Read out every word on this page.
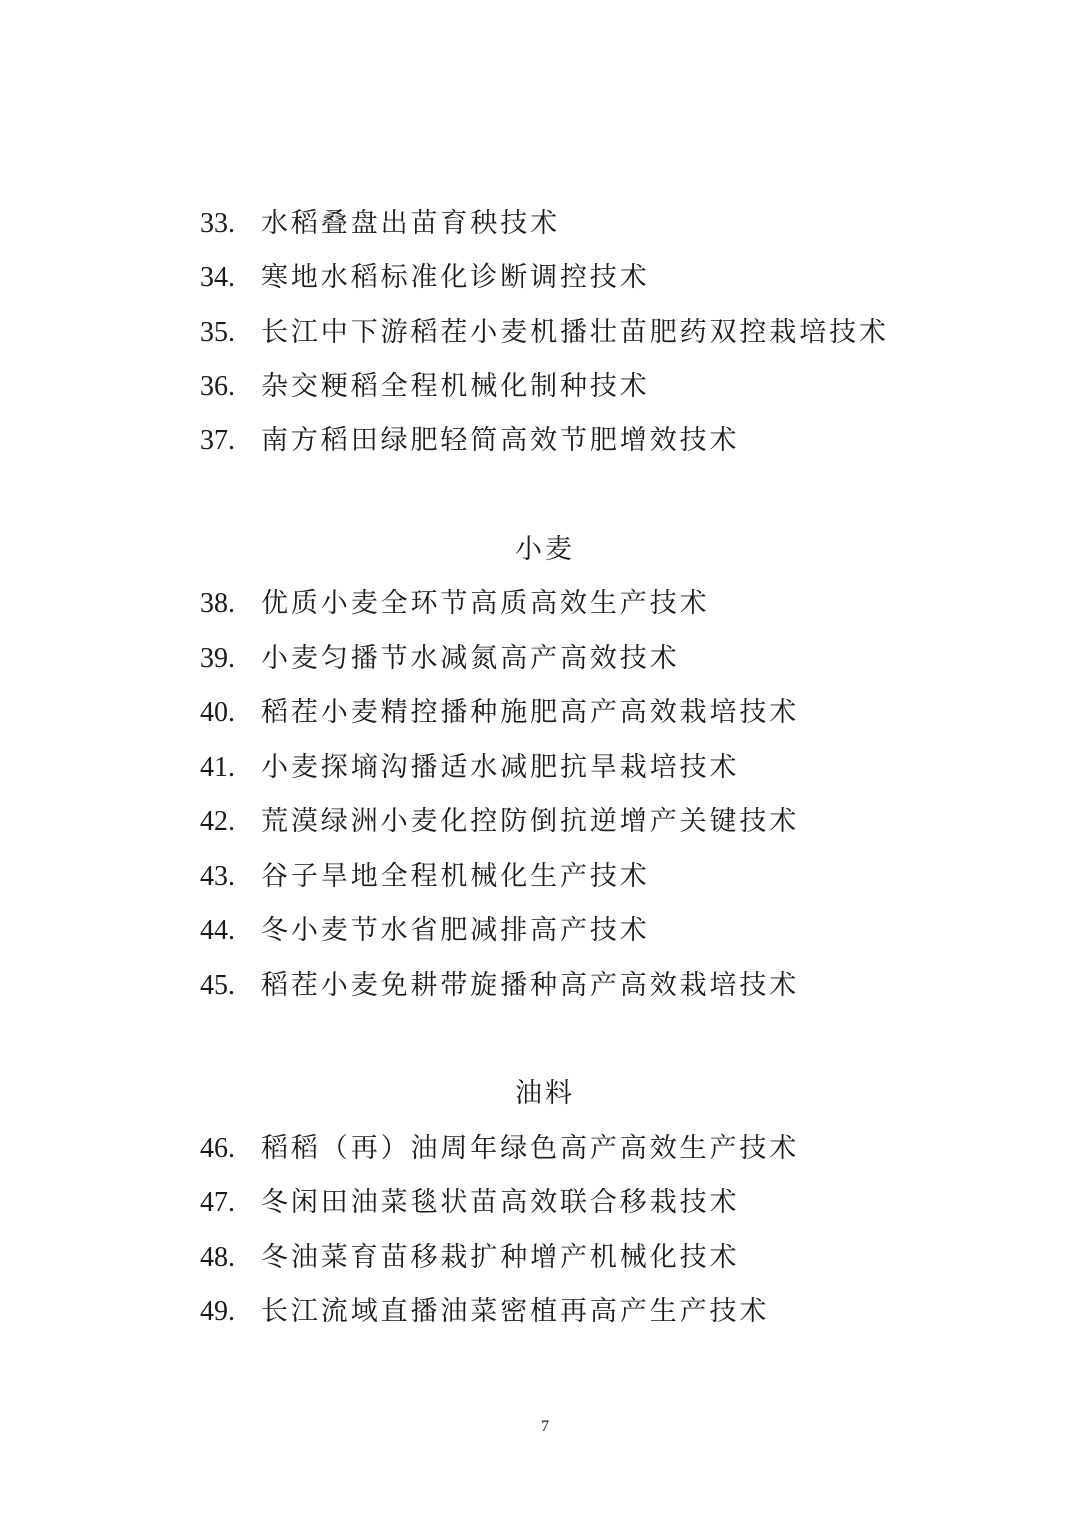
33. 水稻叠盘出苗育秧技术
34. 寒地水稻标准化诊断调控技术
35. 长江中下游稻茬小麦机播壮苗肥药双控栽培技术
36. 杂交粳稻全程机械化制种技术
37. 南方稻田绿肥轻简高效节肥增效技术
小麦
38. 优质小麦全环节高质高效生产技术
39. 小麦匀播节水减氮高产高效技术
40. 稻茬小麦精控播种施肥高产高效栽培技术
41. 小麦探墒沟播适水减肥抗旱栽培技术
42. 荒漠绿洲小麦化控防倒抗逆增产关键技术
43. 谷子旱地全程机械化生产技术
44. 冬小麦节水省肥减排高产技术
45. 稻茬小麦免耕带旋播种高产高效栽培技术
油料
46. 稻稻（再）油周年绿色高产高效生产技术
47. 冬闲田油菜毯状苗高效联合移栽技术
48. 冬油菜育苗移栽扩种增产机械化技术
49. 长江流域直播油菜密植再高产生产技术
7
